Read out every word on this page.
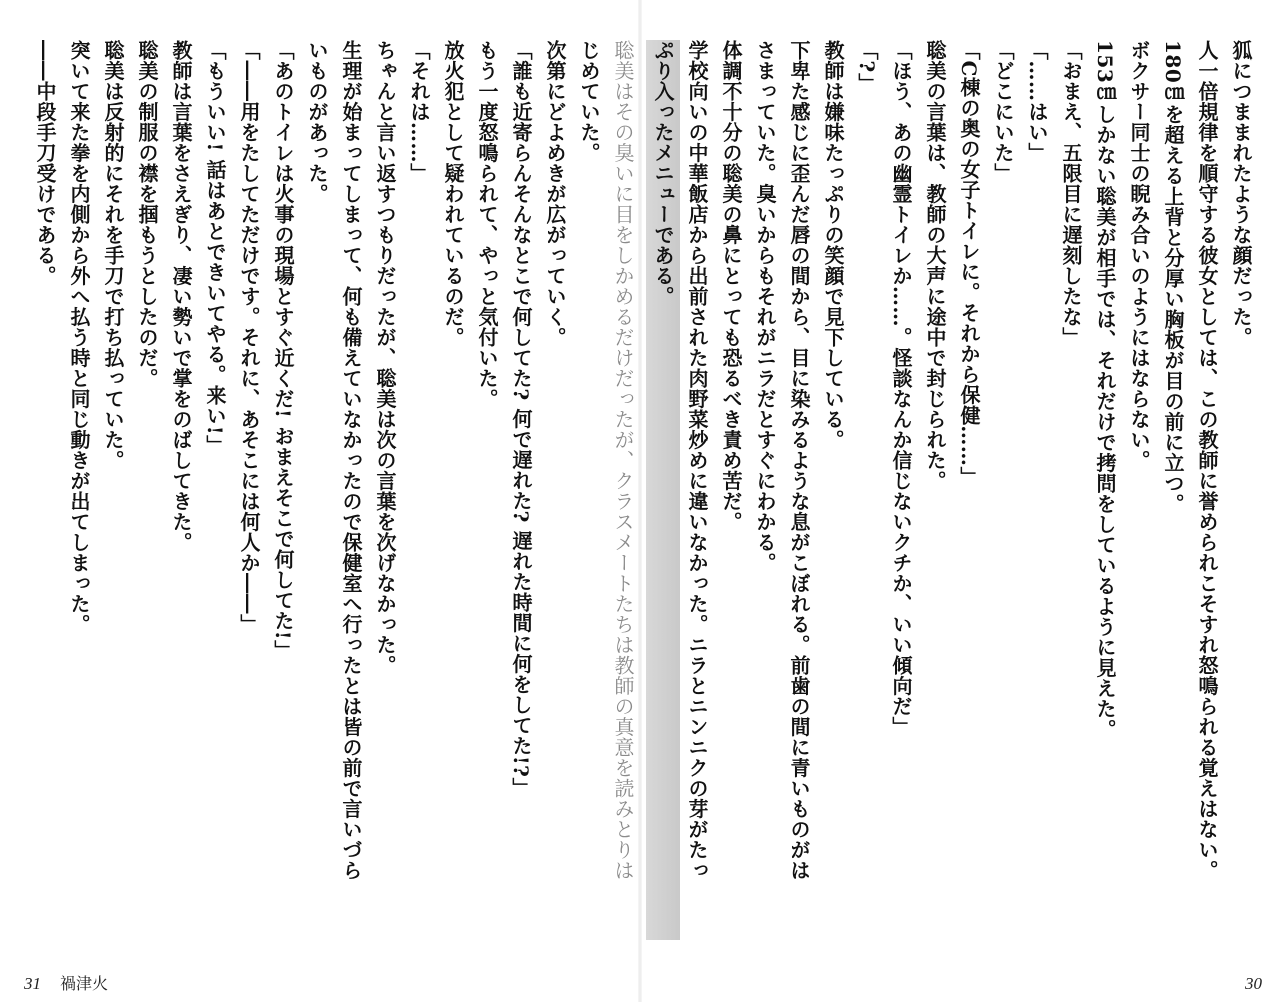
狐につままれたような顔だった。
人一倍規律を順守する彼女としては、この教師に誉められこそすれ怒鳴られる覚えはない。
180㎝を超える上背と分厚い胸板が目の前に立つ。
ボクサー同士の睨み合いのようにはならない。
153㎝しかない聡美が相手では、それだけで拷問をしているように見えた。
「おまえ、五限目に遅刻したな」
「……はい」
「どこにいた」
「C棟の奥の女子トイレに。それから保健……」
聡美の言葉は、教師の大声に途中で封じられた。
「ほう、あの幽霊トイレか……。怪談なんか信じないクチか、いい傾向だ」
「?」
教師は嫌味たっぷりの笑顔で見下している。
下卑た感じに歪んだ唇の間から、目に染みるような息がこぼれる。前歯の間に青いものがは
さまっていた。臭いからもそれがニラだとすぐにわかる。
体調不十分の聡美の鼻にとっても恐るべき責め苦だ。
学校向いの中華飯店から出前された肉野菜炒めに違いなかった。ニラとニンニクの芽がたっ
ぷり入ったメニューである。
30
聡美はその臭いに目をしかめるだけだったが、クラスメートたちは教師の真意を読みとりは
じめていた。
次第にどよめきが広がっていく。
「誰も近寄らんそんなとこで何してた? 何で遅れた? 遅れた時間に何をしてた!?」
もう一度怒鳴られて、やっと気付いた。
放火犯として疑われているのだ。
「それは……」
ちゃんと言い返すつもりだったが、聡美は次の言葉を次げなかった。
生理が始まってしまって、何も備えていなかったので保健室へ行ったとは皆の前で言いづら
いものがあった。
「あのトイレは火事の現場とすぐ近くだ! おまえそこで何してた!」
「――用をたしてただけです。それに、あそこには何人か――」
「もういい! 話はあとできいてやる。来い!」
教師は言葉をさえぎり、凄い勢いで掌をのばしてきた。
聡美の制服の襟を掴もうとしたのだ。
聡美は反射的にそれを手刀で打ち払っていた。
突いて来た拳を内側から外へ払う時と同じ動きが出てしまった。
――中段手刀受けである。
31 禍津火
